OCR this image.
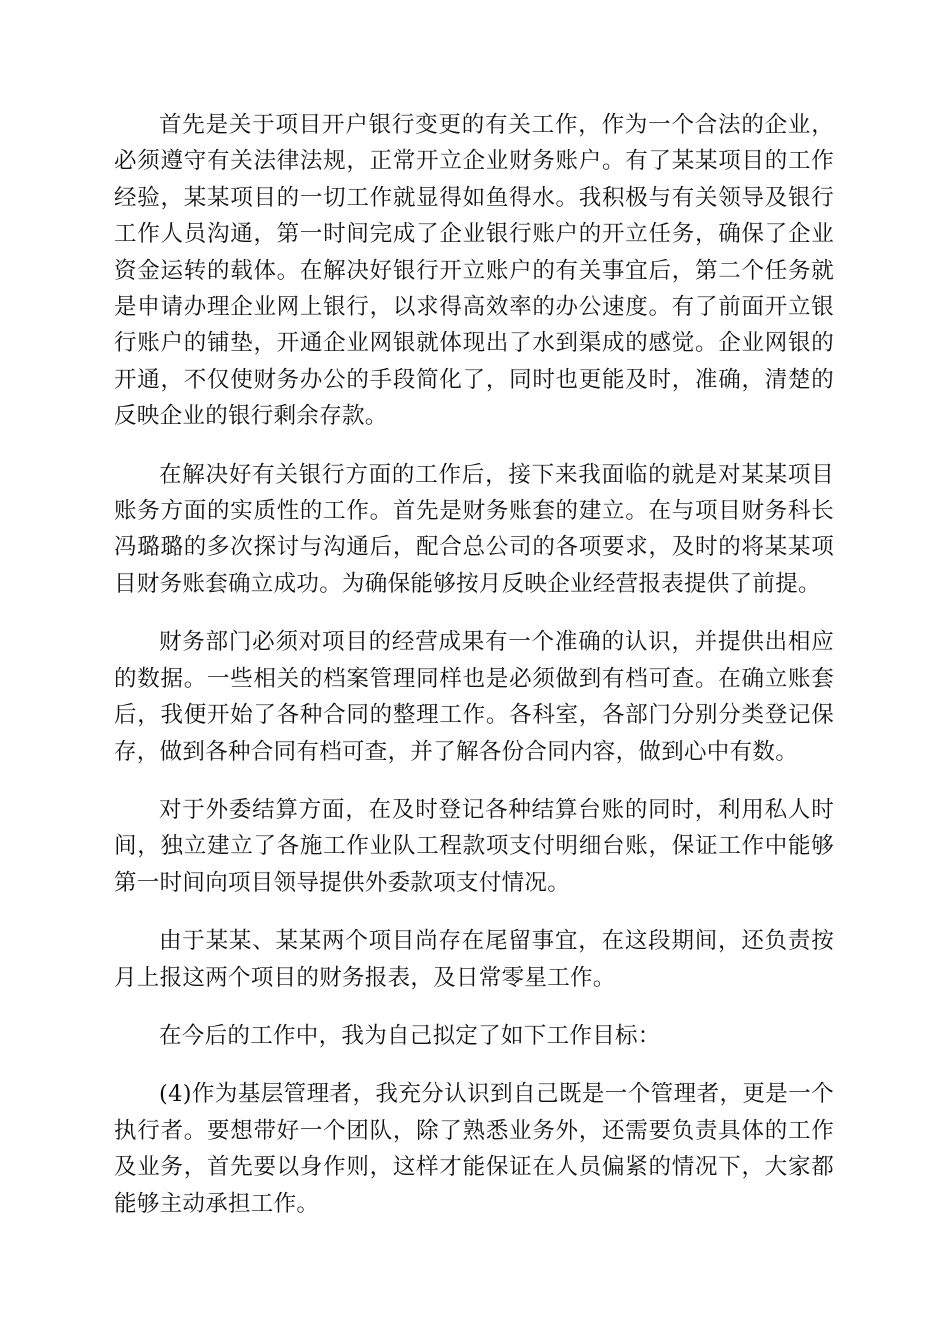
首先是关于项目开户银行变更的有关工作，作为一个合法的企业，必须遵守有关法律法规，正常开立企业财务账户。有了某某项目的工作经验，某某项目的一切工作就显得如鱼得水。我积极与有关领导及银行工作人员沟通，第一时间完成了企业银行账户的开立任务，确保了企业资金运转的载体。在解决好银行开立账户的有关事宜后，第二个任务就是申请办理企业网上银行，以求得高效率的办公速度。有了前面开立银行账户的铺垫，开通企业网银就体现出了水到渠成的感觉。企业网银的开通，不仅使财务办公的手段简化了，同时也更能及时，准确，清楚的反映企业的银行剩余存款。

在解决好有关银行方面的工作后，接下来我面临的就是对某某项目账务方面的实质性的工作。首先是财务账套的建立。在与项目财务科长冯璐璐的多次探讨与沟通后，配合总公司的各项要求，及时的将某某项目财务账套确立成功。为确保能够按月反映企业经营报表提供了前提。

财务部门必须对项目的经营成果有一个准确的认识，并提供出相应的数据。一些相关的档案管理同样也是必须做到有档可查。在确立账套后，我便开始了各种合同的整理工作。各科室，各部门分别分类登记保存，做到各种合同有档可查，并了解各份合同内容，做到心中有数。

对于外委结算方面，在及时登记各种结算台账的同时，利用私人时间，独立建立了各施工作业队工程款项支付明细台账，保证工作中能够第一时间向项目领导提供外委款项支付情况。

由于某某、某某两个项目尚存在尾留事宜，在这段期间，还负责按月上报这两个项目的财务报表，及日常零星工作。

在今后的工作中，我为自己拟定了如下工作目标：

(4)作为基层管理者，我充分认识到自己既是一个管理者，更是一个执行者。要想带好一个团队，除了熟悉业务外，还需要负责具体的工作及业务，首先要以身作则，这样才能保证在人员偏紧的情况下，大家都能够主动承担工作。
